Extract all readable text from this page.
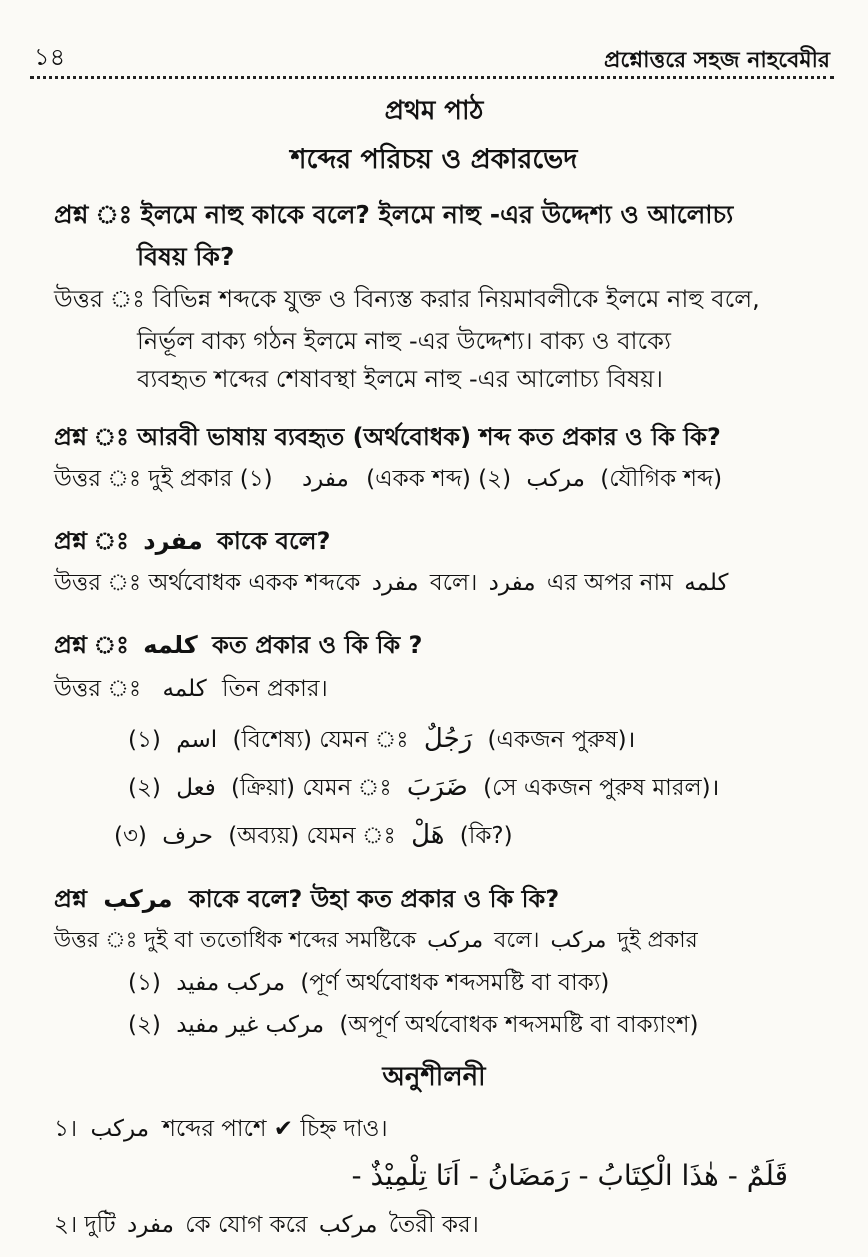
১৪	প্রশ্নোত্তরে সহজ নাহবেমীর
প্রথম পাঠ
শব্দের পরিচয় ও প্রকারভেদ
প্রশ্ন ঃ ইলমে নাহু কাকে বলে? ইলমে নাহু -এর উদ্দেশ্য ও আলোচ্য
বিষয় কি?
উত্তর ঃ বিভিন্ন শব্দকে যুক্ত ও বিন্যস্ত করার নিয়মাবলীকে ইলমে নাহু বলে,
নির্ভূল বাক্য গঠন ইলমে নাহু -এর উদ্দেশ্য। বাক্য ও বাক্যে
ব্যবহৃত শব্দের শেষাবস্থা ইলমে নাহু -এর আলোচ্য বিষয়।
প্রশ্ন ঃ আরবী ভাষায় ব্যবহৃত (অর্থবোধক) শব্দ কত প্রকার ও কি কি?
উত্তর ঃ দুই প্রকার (১) مفرد (একক শব্দ) (২) مركب (যৌগিক শব্দ)
প্রশ্ন ঃ مفرد কাকে বলে?
উত্তর ঃ অর্থবোধক একক শব্দকে مفرد বলে। مفرد এর অপর নাম كلمه
প্রশ্ন ঃ كلمه কত প্রকার ও কি কি ?
উত্তর ঃ كلمه তিন প্রকার।
(১) اسم (বিশেষ্য) যেমন ঃ رَجُلٌ (একজন পুরুষ)।
(২) فعل (ক্রিয়া) যেমন ঃ ضَرَبَ (সে একজন পুরুষ মারল)।
(৩) حرف (অব্যয়) যেমন ঃ هَلْ (কি?)
প্রশ্ন مركب কাকে বলে? উহা কত প্রকার ও কি কি?
উত্তর ঃ দুই বা ততোধিক শব্দের সমষ্টিকে مركب বলে। مركب দুই প্রকার
(১) مركب مفيد (পূর্ণ অর্থবোধক শব্দসমষ্টি বা বাক্য)
(২) مركب غير مفيد (অপূর্ণ অর্থবোধক শব্দসমষ্টি বা বাক্যাংশ)
অনুশীলনী
১। مركب শব্দের পাশে ✔ চিহ্ন দাও।
قَلَمٌ - هٰذَا الْكِتَابُ - رَمَضَانُ - اَنَا تِلْمِيْذٌ -
২। দুটি مفرد কে যোগ করে مركب তৈরী কর।
